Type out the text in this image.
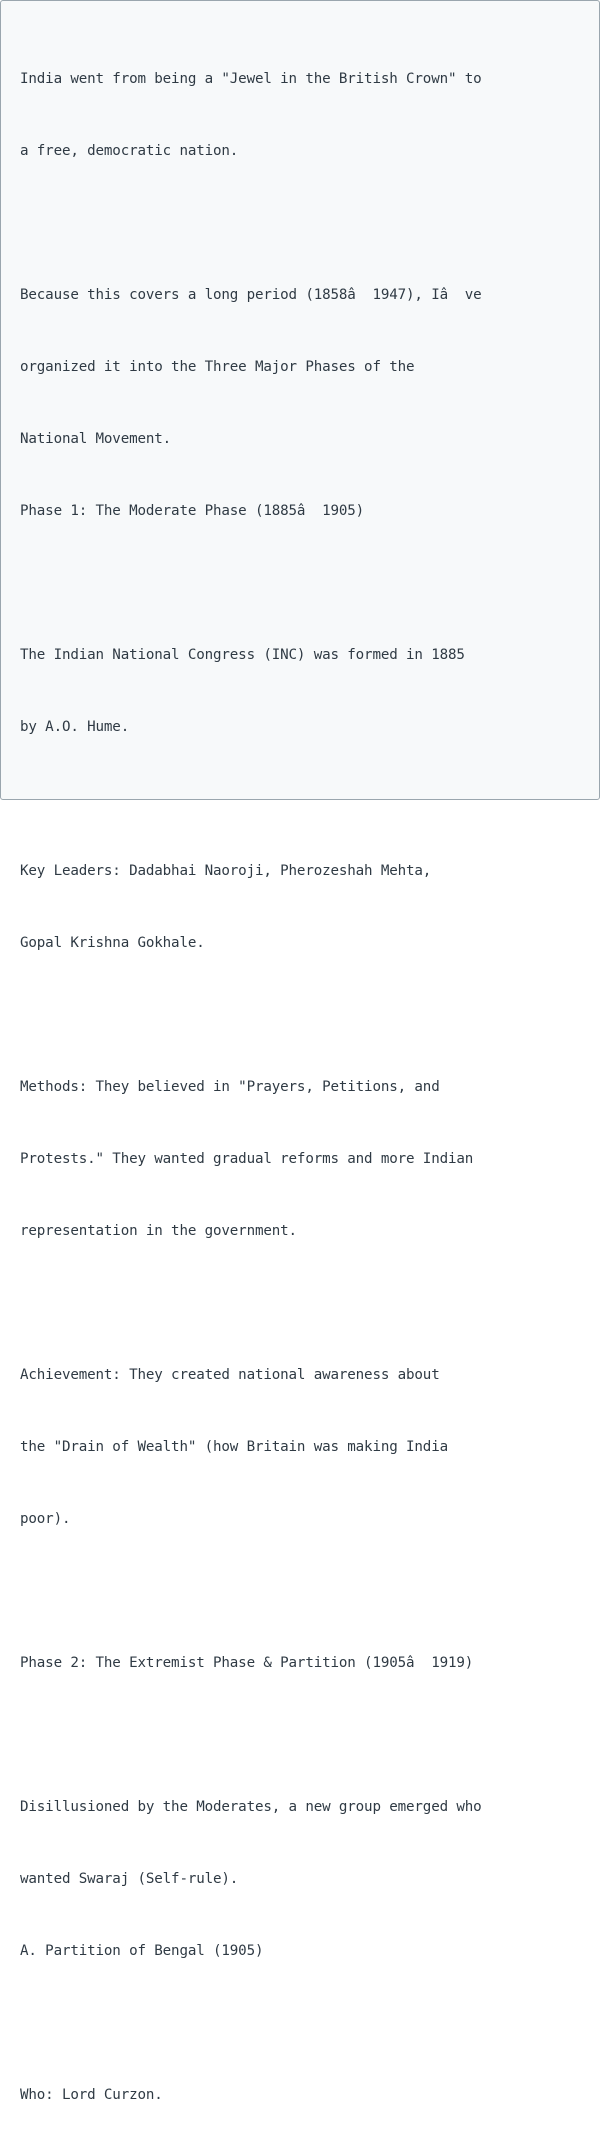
India went from being a "Jewel in the British Crown" to

a free, democratic nation.

Because this covers a long period (1858â  1947), Iâ  ve

organized it into the Three Major Phases of the

National Movement.

Phase 1: The Moderate Phase (1885â  1905)

The Indian National Congress (INC) was formed in 1885

by A.O. Hume.

Key Leaders: Dadabhai Naoroji, Pherozeshah Mehta,

Gopal Krishna Gokhale.

Methods: They believed in "Prayers, Petitions, and

Protests." They wanted gradual reforms and more Indian

representation in the government.

Achievement: They created national awareness about

the "Drain of Wealth" (how Britain was making India

poor).

Phase 2: The Extremist Phase & Partition (1905â  1919)

Disillusioned by the Moderates, a new group emerged who

wanted Swaraj (Self-rule).

A. Partition of Bengal (1905)

Who: Lord Curzon.
